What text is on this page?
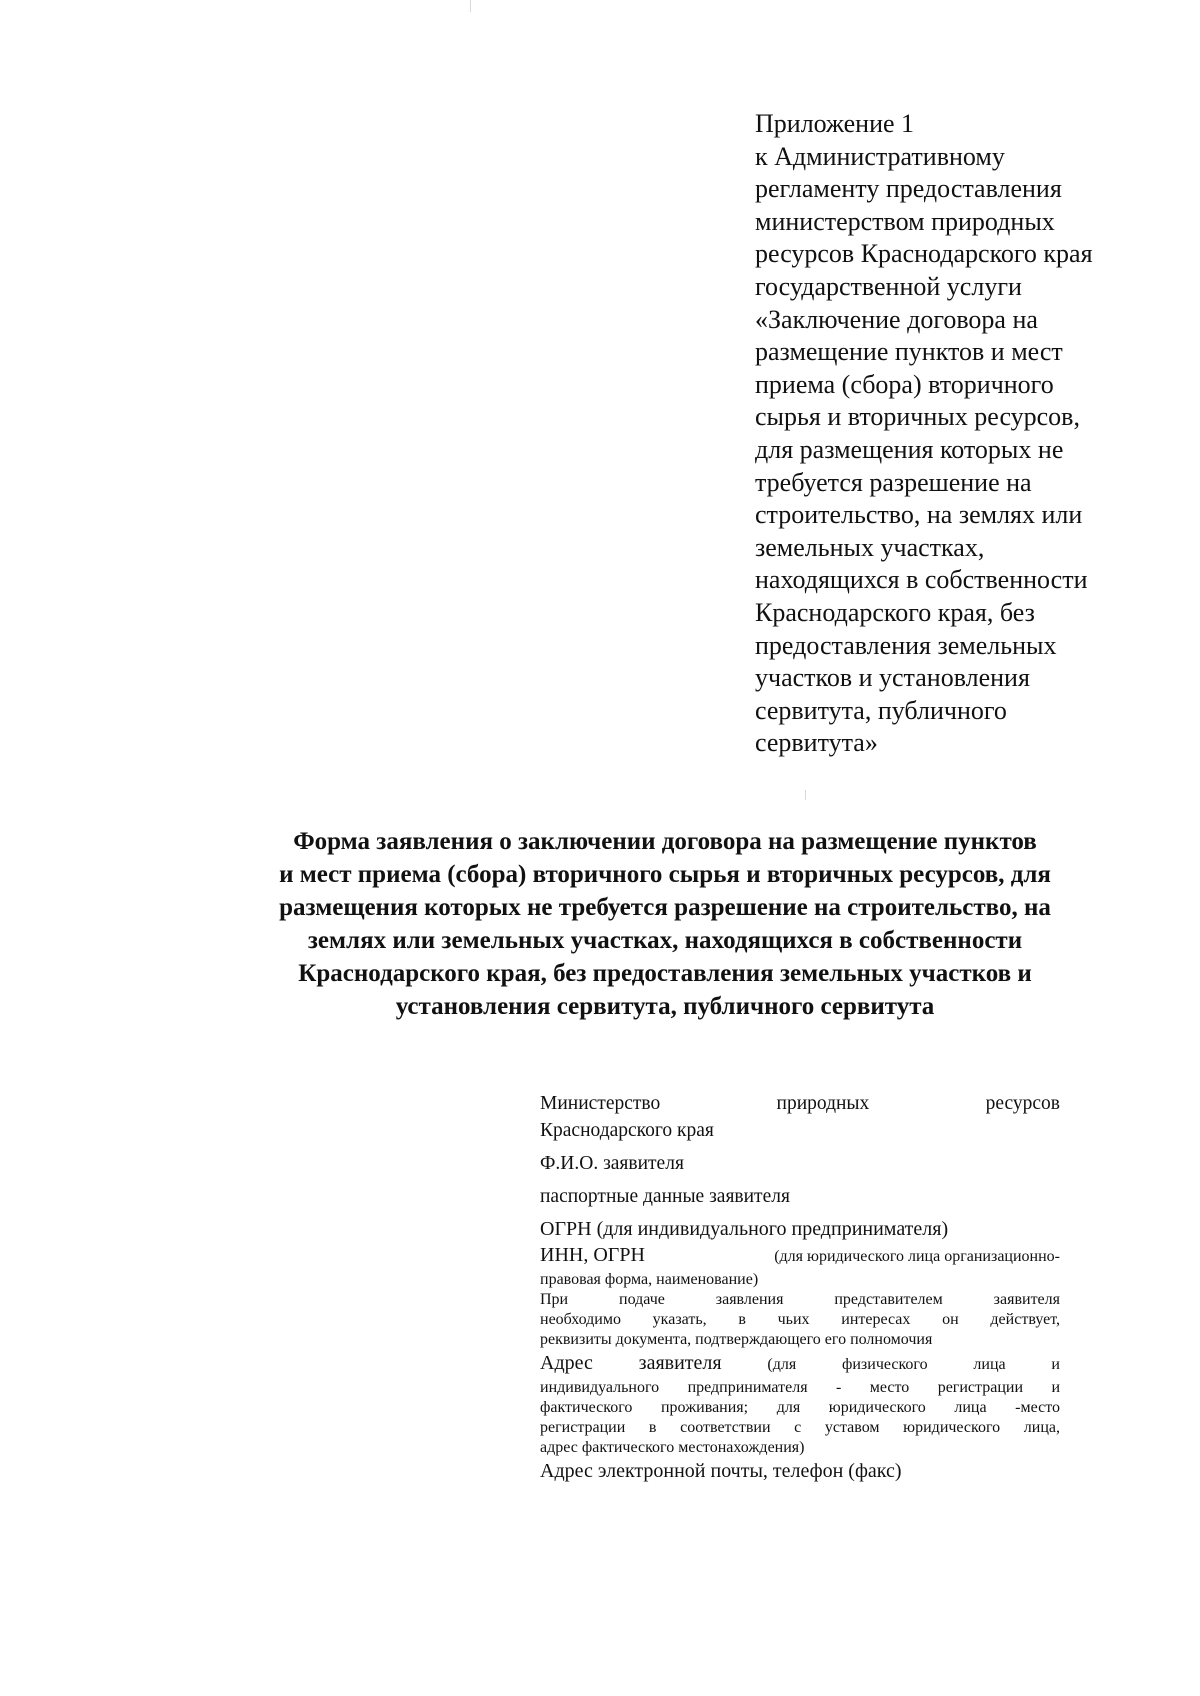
Приложение 1
к Административному
регламенту предоставления
министерством природных
ресурсов Краснодарского края
государственной услуги
«Заключение договора на
размещение пунктов и мест
приема (сбора) вторичного
сырья и вторичных ресурсов,
для размещения которых не
требуется разрешение на
строительство, на землях или
земельных участках,
находящихся в собственности
Краснодарского края, без
предоставления земельных
участков и установления
сервитута, публичного
сервитута»
Форма заявления о заключении договора на размещение пунктов
и мест приема (сбора) вторичного сырья и вторичных ресурсов, для
размещения которых не требуется разрешение на строительство, на
землях или земельных участках, находящихся в собственности
Краснодарского края, без предоставления земельных участков и
установления сервитута, публичного сервитута
Министерство	природных	ресурсов
Краснодарского края
Ф.И.О. заявителя
паспортные данные заявителя
ОГРН (для индивидуального предпринимателя)
ИНН, ОГРН	(для юридического лица организационно-
правовая форма, наименование)
При подаче заявления представителем заявителя
необходимо указать, в чьих интересах он действует,
реквизиты документа, подтверждающего его полномочия
Адрес заявителя	(для	физического	лица	и
индивидуального предпринимателя - место регистрации и
фактического проживания; для юридического лица -место
регистрации в соответствии с уставом юридического лица,
адрес фактического местонахождения)
Адрес электронной почты, телефон (факс)
